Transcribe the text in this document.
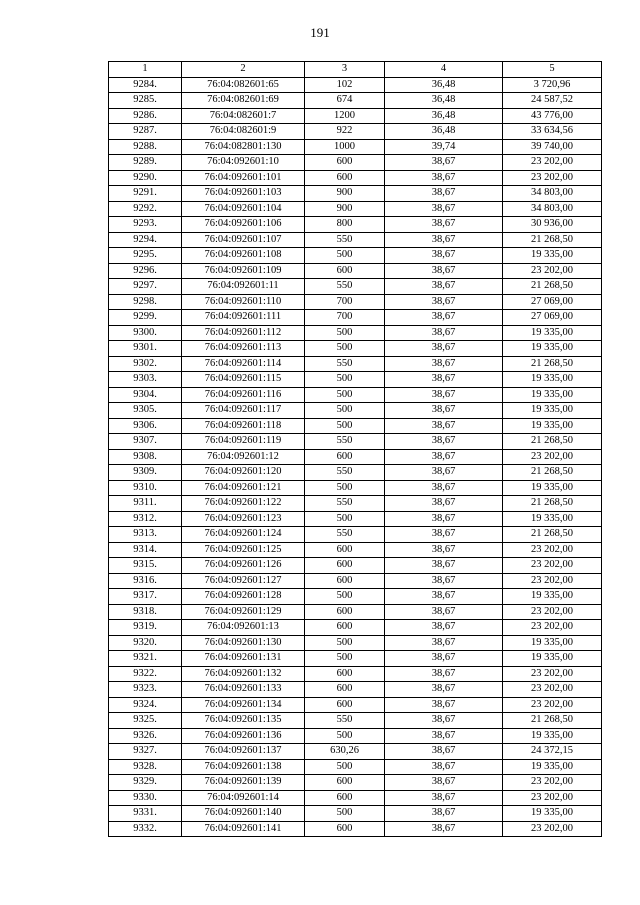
191
1	2	3	4	5
9284.	76:04:082601:65	102	36,48	3 720,96
9285.	76:04:082601:69	674	36,48	24 587,52
9286.	76:04:082601:7	1200	36,48	43 776,00
9287.	76:04:082601:9	922	36,48	33 634,56
9288.	76:04:082801:130	1000	39,74	39 740,00
9289.	76:04:092601:10	600	38,67	23 202,00
9290.	76:04:092601:101	600	38,67	23 202,00
9291.	76:04:092601:103	900	38,67	34 803,00
9292.	76:04:092601:104	900	38,67	34 803,00
9293.	76:04:092601:106	800	38,67	30 936,00
9294.	76:04:092601:107	550	38,67	21 268,50
9295.	76:04:092601:108	500	38,67	19 335,00
9296.	76:04:092601:109	600	38,67	23 202,00
9297.	76:04:092601:11	550	38,67	21 268,50
9298.	76:04:092601:110	700	38,67	27 069,00
9299.	76:04:092601:111	700	38,67	27 069,00
9300.	76:04:092601:112	500	38,67	19 335,00
9301.	76:04:092601:113	500	38,67	19 335,00
9302.	76:04:092601:114	550	38,67	21 268,50
9303.	76:04:092601:115	500	38,67	19 335,00
9304.	76:04:092601:116	500	38,67	19 335,00
9305.	76:04:092601:117	500	38,67	19 335,00
9306.	76:04:092601:118	500	38,67	19 335,00
9307.	76:04:092601:119	550	38,67	21 268,50
9308.	76:04:092601:12	600	38,67	23 202,00
9309.	76:04:092601:120	550	38,67	21 268,50
9310.	76:04:092601:121	500	38,67	19 335,00
9311.	76:04:092601:122	550	38,67	21 268,50
9312.	76:04:092601:123	500	38,67	19 335,00
9313.	76:04:092601:124	550	38,67	21 268,50
9314.	76:04:092601:125	600	38,67	23 202,00
9315.	76:04:092601:126	600	38,67	23 202,00
9316.	76:04:092601:127	600	38,67	23 202,00
9317.	76:04:092601:128	500	38,67	19 335,00
9318.	76:04:092601:129	600	38,67	23 202,00
9319.	76:04:092601:13	600	38,67	23 202,00
9320.	76:04:092601:130	500	38,67	19 335,00
9321.	76:04:092601:131	500	38,67	19 335,00
9322.	76:04:092601:132	600	38,67	23 202,00
9323.	76:04:092601:133	600	38,67	23 202,00
9324.	76:04:092601:134	600	38,67	23 202,00
9325.	76:04:092601:135	550	38,67	21 268,50
9326.	76:04:092601:136	500	38,67	19 335,00
9327.	76:04:092601:137	630,26	38,67	24 372,15
9328.	76:04:092601:138	500	38,67	19 335,00
9329.	76:04:092601:139	600	38,67	23 202,00
9330.	76:04:092601:14	600	38,67	23 202,00
9331.	76:04:092601:140	500	38,67	19 335,00
9332.	76:04:092601:141	600	38,67	23 202,00
